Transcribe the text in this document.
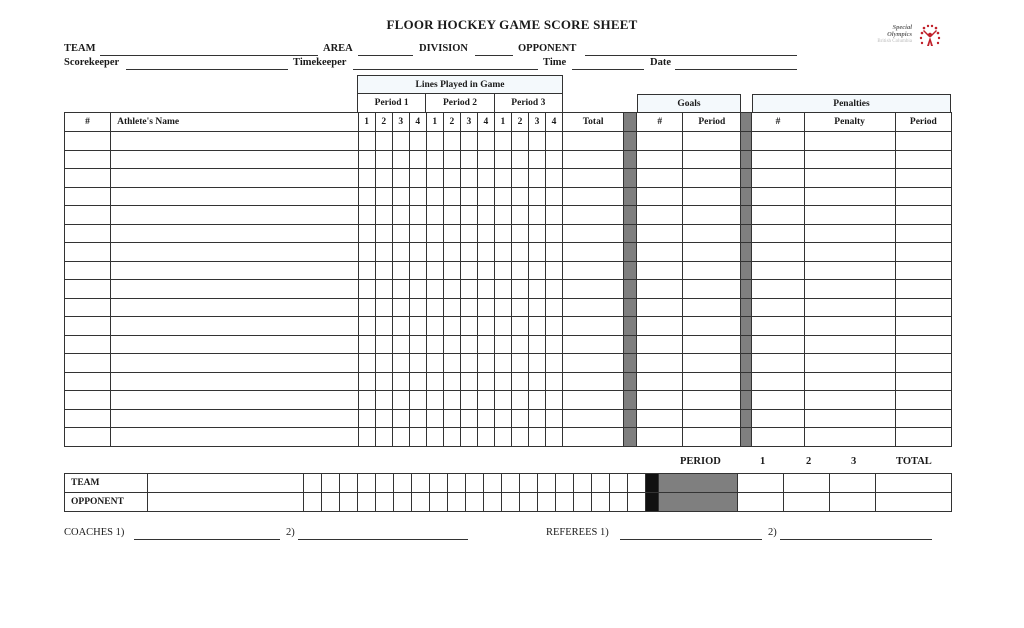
FLOOR HOCKEY GAME SCORE SHEET	Special
Olympics
British Columbia
TEAM	AREA	DIVISION	OPPONENT
Scorekeeper	Timekeeper	Time	Date
Lines Played in Game
Period 1	Period 2	Period 3	Goals	Penalties
#	Athlete's Name	1	2	3	4	1	2	3	4	1	2	3	4	Total		#	Period		#	Penalty	Period

PERIOD	1	2	3	TOTAL
TEAM																										
OPPONENT																										
COACHES 1)	2)	REFEREES 1)	2)
